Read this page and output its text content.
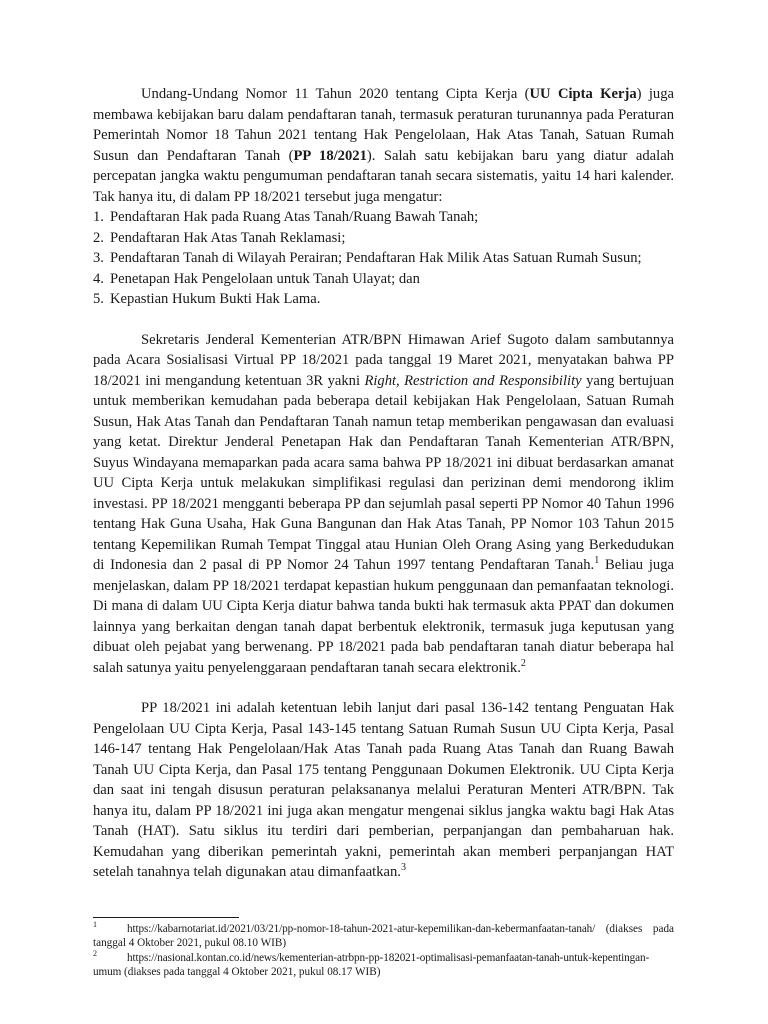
Undang-Undang Nomor 11 Tahun 2020 tentang Cipta Kerja (UU Cipta Kerja) juga membawa kebijakan baru dalam pendaftaran tanah, termasuk peraturan turunannya pada Peraturan Pemerintah Nomor 18 Tahun 2021 tentang Hak Pengelolaan, Hak Atas Tanah, Satuan Rumah Susun dan Pendaftaran Tanah (PP 18/2021). Salah satu kebijakan baru yang diatur adalah percepatan jangka waktu pengumuman pendaftaran tanah secara sistematis, yaitu 14 hari kalender. Tak hanya itu, di dalam PP 18/2021 tersebut juga mengatur:

1. Pendaftaran Hak pada Ruang Atas Tanah/Ruang Bawah Tanah;
2. Pendaftaran Hak Atas Tanah Reklamasi;
3. Pendaftaran Tanah di Wilayah Perairan; Pendaftaran Hak Milik Atas Satuan Rumah Susun;
4. Penetapan Hak Pengelolaan untuk Tanah Ulayat; dan
5. Kepastian Hukum Bukti Hak Lama.

Sekretaris Jenderal Kementerian ATR/BPN Himawan Arief Sugoto dalam sambutannya pada Acara Sosialisasi Virtual PP 18/2021 pada tanggal 19 Maret 2021, menyatakan bahwa PP 18/2021 ini mengandung ketentuan 3R yakni Right, Restriction and Responsibility yang bertujuan untuk memberikan kemudahan pada beberapa detail kebijakan Hak Pengelolaan, Satuan Rumah Susun, Hak Atas Tanah dan Pendaftaran Tanah namun tetap memberikan pengawasan dan evaluasi yang ketat. Direktur Jenderal Penetapan Hak dan Pendaftaran Tanah Kementerian ATR/BPN, Suyus Windayana memaparkan pada acara sama bahwa PP 18/2021 ini dibuat berdasarkan amanat UU Cipta Kerja untuk melakukan simplifikasi regulasi dan perizinan demi mendorong iklim investasi. PP 18/2021 mengganti beberapa PP dan sejumlah pasal seperti PP Nomor 40 Tahun 1996 tentang Hak Guna Usaha, Hak Guna Bangunan dan Hak Atas Tanah, PP Nomor 103 Tahun 2015 tentang Kepemilikan Rumah Tempat Tinggal atau Hunian Oleh Orang Asing yang Berkedudukan di Indonesia dan 2 pasal di PP Nomor 24 Tahun 1997 tentang Pendaftaran Tanah.$^1$ Beliau juga menjelaskan, dalam PP 18/2021 terdapat kepastian hukum penggunaan dan pemanfaatan teknologi. Di mana di dalam UU Cipta Kerja diatur bahwa tanda bukti hak termasuk akta PPAT dan dokumen lainnya yang berkaitan dengan tanah dapat berbentuk elektronik, termasuk juga keputusan yang dibuat oleh pejabat yang berwenang. PP 18/2021 pada bab pendaftaran tanah diatur beberapa hal salah satunya yaitu penyelenggaraan pendaftaran tanah secara elektronik.$^2$

PP 18/2021 ini adalah ketentuan lebih lanjut dari pasal 136-142 tentang Penguatan Hak Pengelolaan UU Cipta Kerja, Pasal 143-145 tentang Satuan Rumah Susun UU Cipta Kerja, Pasal 146-147 tentang Hak Pengelolaan/Hak Atas Tanah pada Ruang Atas Tanah dan Ruang Bawah Tanah UU Cipta Kerja, dan Pasal 175 tentang Penggunaan Dokumen Elektronik. UU Cipta Kerja dan saat ini tengah disusun peraturan pelaksananya melalui Peraturan Menteri ATR/BPN. Tak hanya itu, dalam PP 18/2021 ini juga akan mengatur mengenai siklus jangka waktu bagi Hak Atas Tanah (HAT). Satu siklus itu terdiri dari pemberian, perpanjangan dan pembaharuan hak. Kemudahan yang diberikan pemerintah yakni, pemerintah akan memberi perpanjangan HAT setelah tanahnya telah digunakan atau dimanfaatkan.$^3$

$^1$	https://kabarnotariat.id/2021/03/21/pp-nomor-18-tahun-2021-atur-kepemilikan-dan-kebermanfaatan-tanah/ (diakses pada tanggal 4 Oktober 2021, pukul 08.10 WIB)
$^2$	https://nasional.kontan.co.id/news/kementerian-atrbpn-pp-182021-optimalisasi-pemanfaatan-tanah-untuk-kepentingan-umum (diakses pada tanggal 4 Oktober 2021, pukul 08.17 WIB)
